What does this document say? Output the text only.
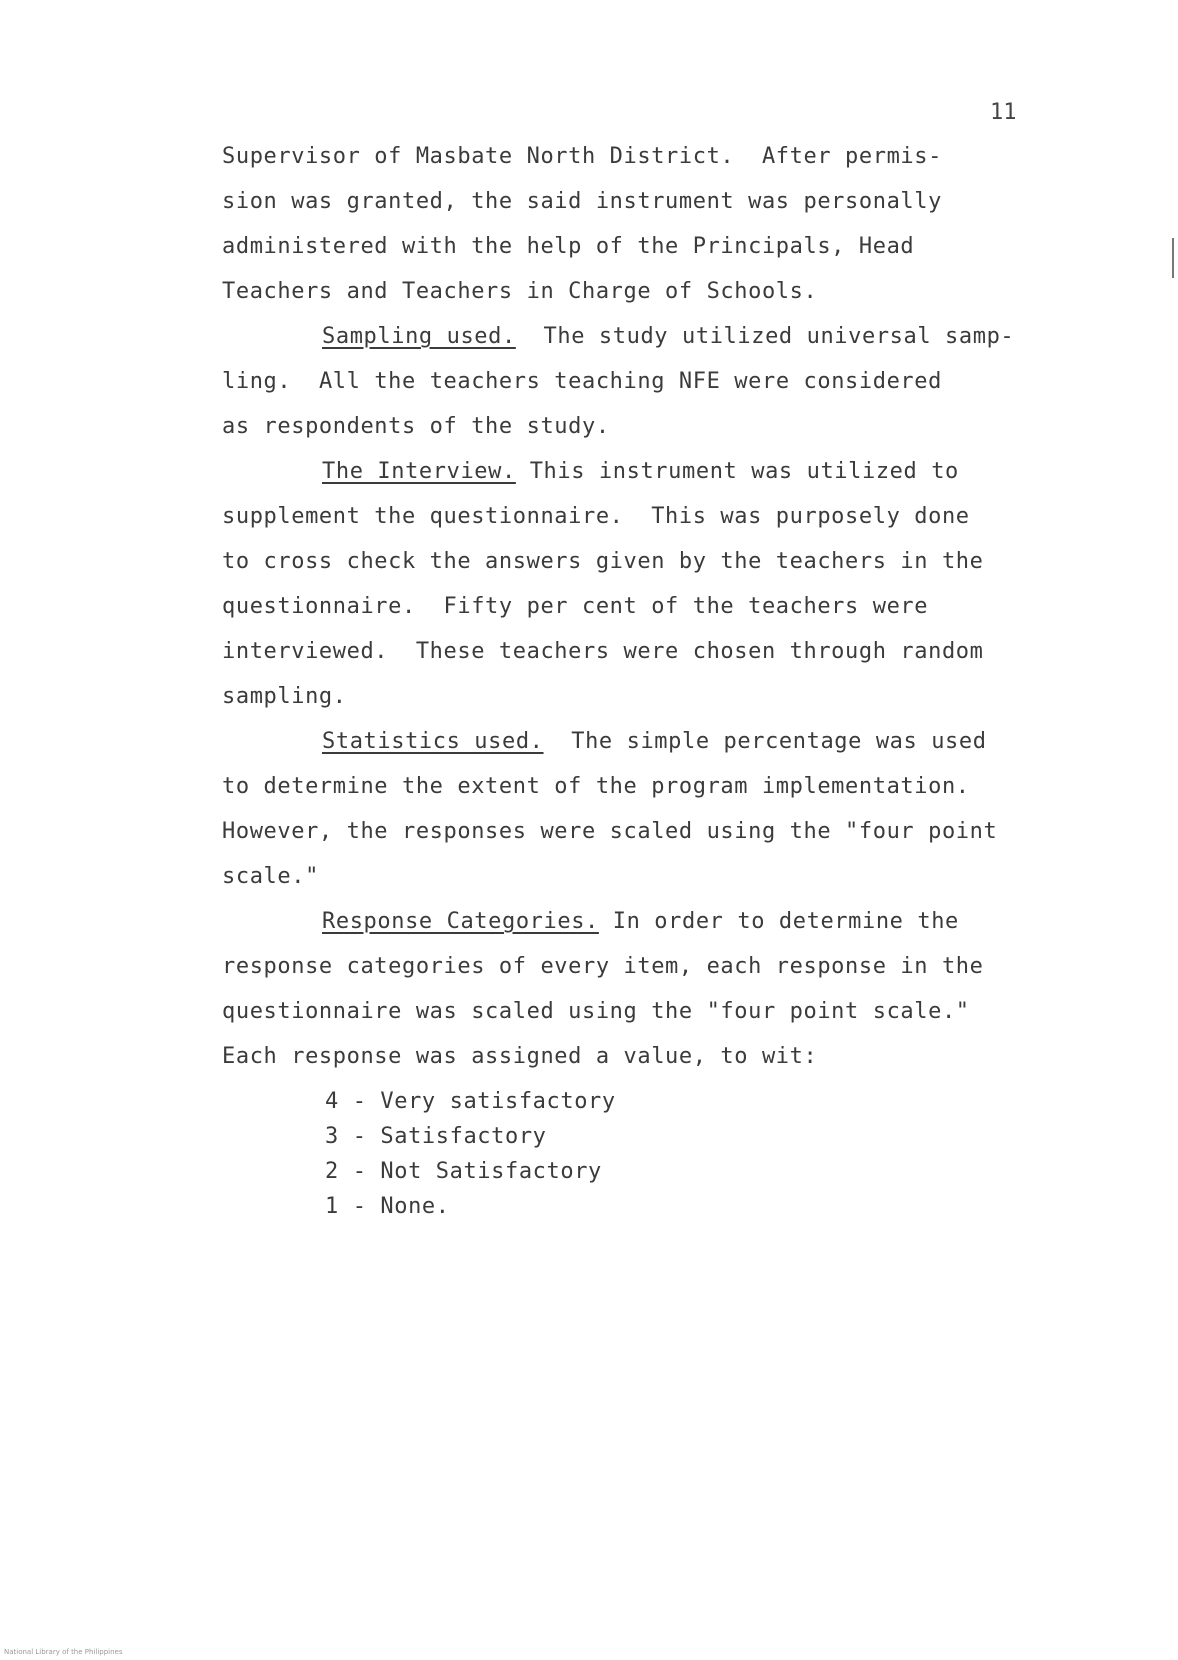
11
Supervisor of Masbate North District.  After permis-
sion was granted, the said instrument was personally
administered with the help of the Principals, Head
Teachers and Teachers in Charge of Schools.
Sampling used. The study utilized universal samp-
ling. All the teachers teaching NFE were considered
as respondents of the study.
The Interview. This instrument was utilized to
supplement the questionnaire.  This was purposely done
to cross check the answers given by the teachers in the
questionnaire.  Fifty per cent of the teachers were
interviewed.  These teachers were chosen through random
sampling.
Statistics used. The simple percentage was used
to determine the extent of the program implementation.
However, the responses were scaled using the "four point
scale."
Response Categories. In order to determine the
response categories of every item, each response in the
questionnaire was scaled using the "four point scale."
Each response was assigned a value, to wit:
4 - Very satisfactory
3 - Satisfactory
2 - Not Satisfactory
1 - None.
National Library of the Philippines
